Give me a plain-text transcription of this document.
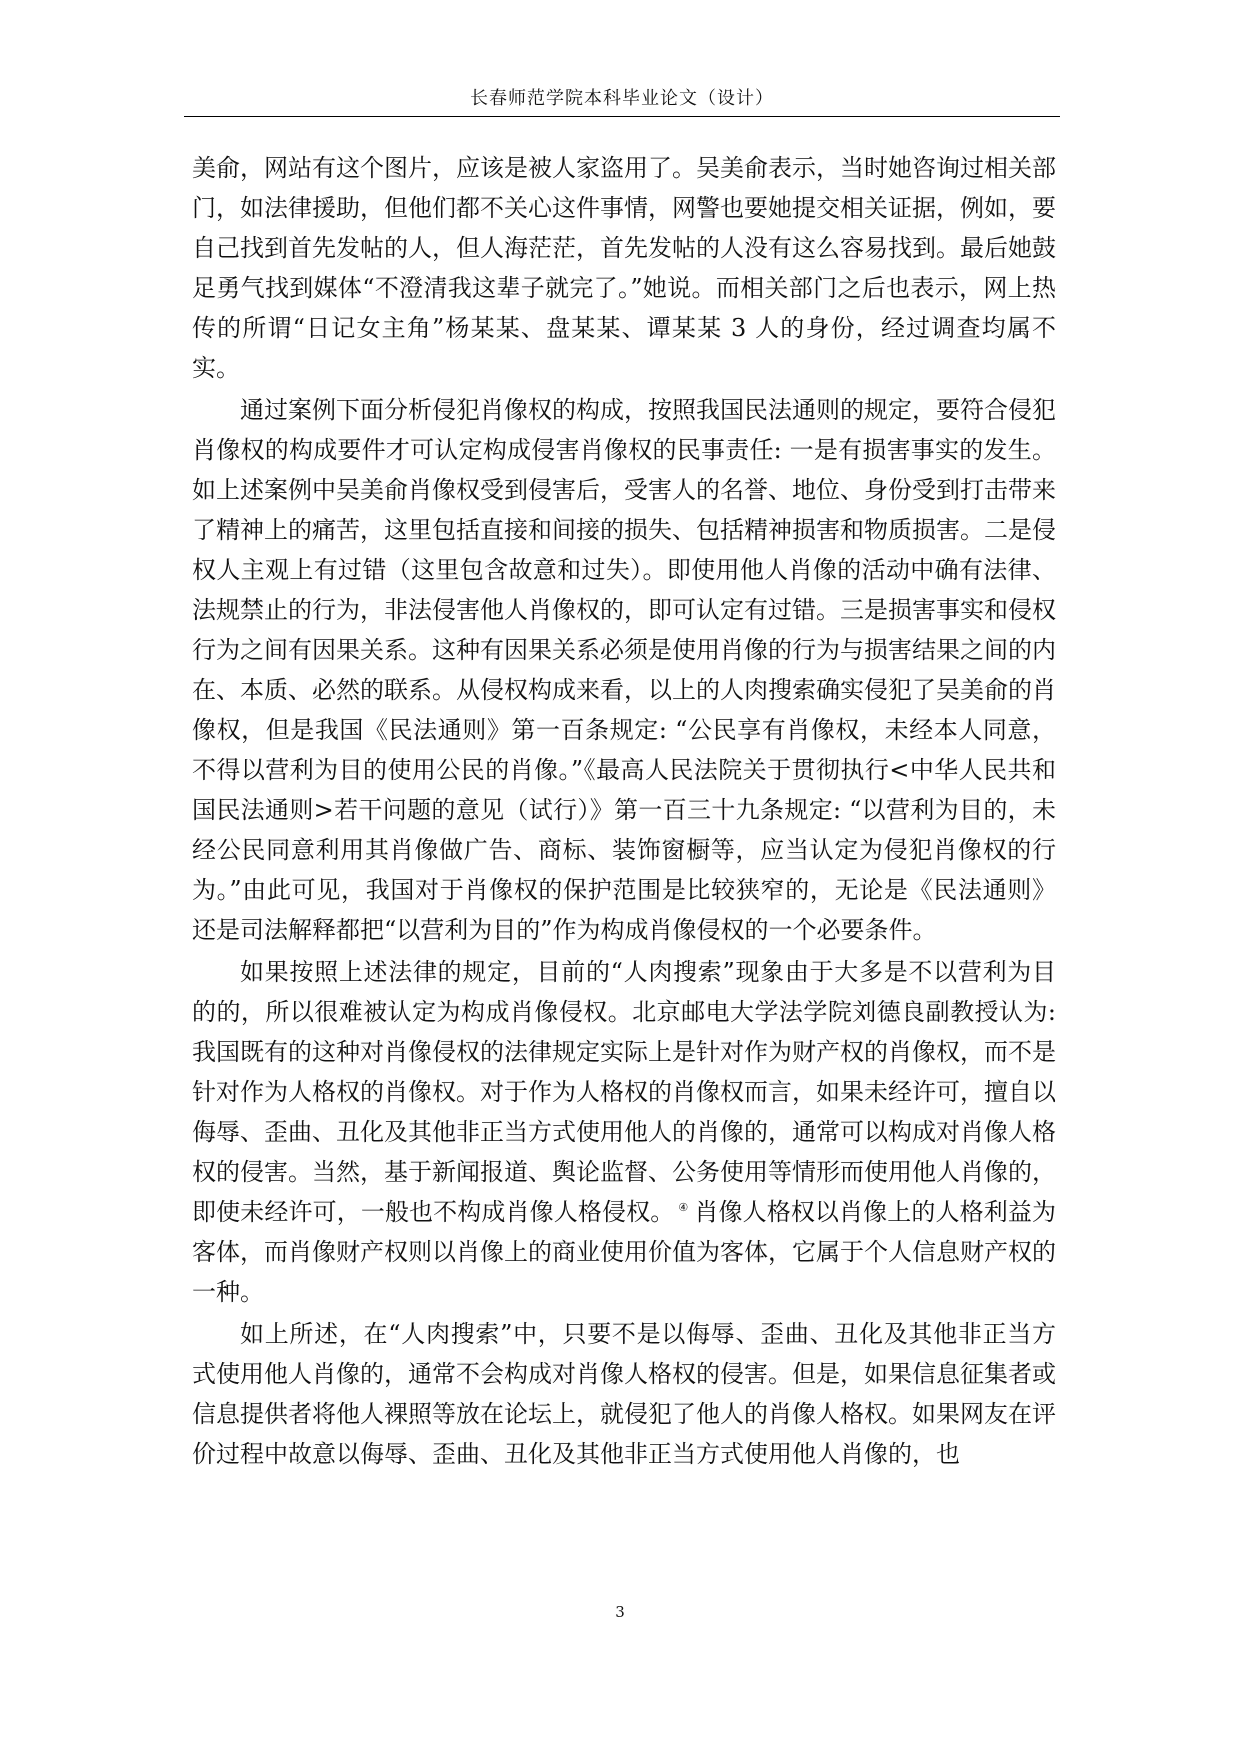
长春师范学院本科毕业论文（设计）

美俞，网站有这个图片，应该是被人家盗用了。吴美俞表示，当时她咨询过相关部门，如法律援助，但他们都不关心这件事情，网警也要她提交相关证据，例如，要自己找到首先发帖的人，但人海茫茫，首先发帖的人没有这么容易找到。最后她鼓足勇气找到媒体“不澄清我这辈子就完了。”她说。而相关部门之后也表示，网上热传的所谓“日记女主角”杨某某、盘某某、谭某某 3 人的身份，经过调查均属不实。

通过案例下面分析侵犯肖像权的构成，按照我国民法通则的规定，要符合侵犯肖像权的构成要件才可认定构成侵害肖像权的民事责任: 一是有损害事实的发生。如上述案例中吴美俞肖像权受到侵害后，受害人的名誉、地位、身份受到打击带来了精神上的痛苦，这里包括直接和间接的损失、包括精神损害和物质损害。二是侵权人主观上有过错（这里包含故意和过失）。即使用他人肖像的活动中确有法律、法规禁止的行为，非法侵害他人肖像权的，即可认定有过错。三是损害事实和侵权行为之间有因果关系。这种有因果关系必须是使用肖像的行为与损害结果之间的内在、本质、必然的联系。从侵权构成来看，以上的人肉搜索确实侵犯了吴美俞的肖像权，但是我国《民法通则》第一百条规定: “公民享有肖像权，未经本人同意，不得以营利为目的使用公民的肖像。”《最高人民法院关于贯彻执行<中华人民共和国民法通则>若干问题的意见（试行）》第一百三十九条规定: “以营利为目的，未经公民同意利用其肖像做广告、商标、装饰窗橱等，应当认定为侵犯肖像权的行为。”由此可见，我国对于肖像权的保护范围是比较狭窄的，无论是《民法通则》还是司法解释都把“以营利为目的”作为构成肖像侵权的一个必要条件。

如果按照上述法律的规定，目前的“人肉搜索”现象由于大多是不以营利为目的的，所以很难被认定为构成肖像侵权。北京邮电大学法学院刘德良副教授认为: 我国既有的这种对肖像侵权的法律规定实际上是针对作为财产权的肖像权，而不是针对作为人格权的肖像权。对于作为人格权的肖像权而言，如果未经许可，擅自以侮辱、歪曲、丑化及其他非正当方式使用他人的肖像的，通常可以构成对肖像人格权的侵害。当然，基于新闻报道、舆论监督、公务使用等情形而使用他人肖像的，即使未经许可，一般也不构成肖像人格侵权。 ④ 肖像人格权以肖像上的人格利益为客体，而肖像财产权则以肖像上的商业使用价值为客体，它属于个人信息财产权的一种。

如上所述，在“人肉搜索”中，只要不是以侮辱、歪曲、丑化及其他非正当方式使用他人肖像的，通常不会构成对肖像人格权的侵害。但是，如果信息征集者或信息提供者将他人裸照等放在论坛上，就侵犯了他人的肖像人格权。如果网友在评价过程中故意以侮辱、歪曲、丑化及其他非正当方式使用他人肖像的，也

3
